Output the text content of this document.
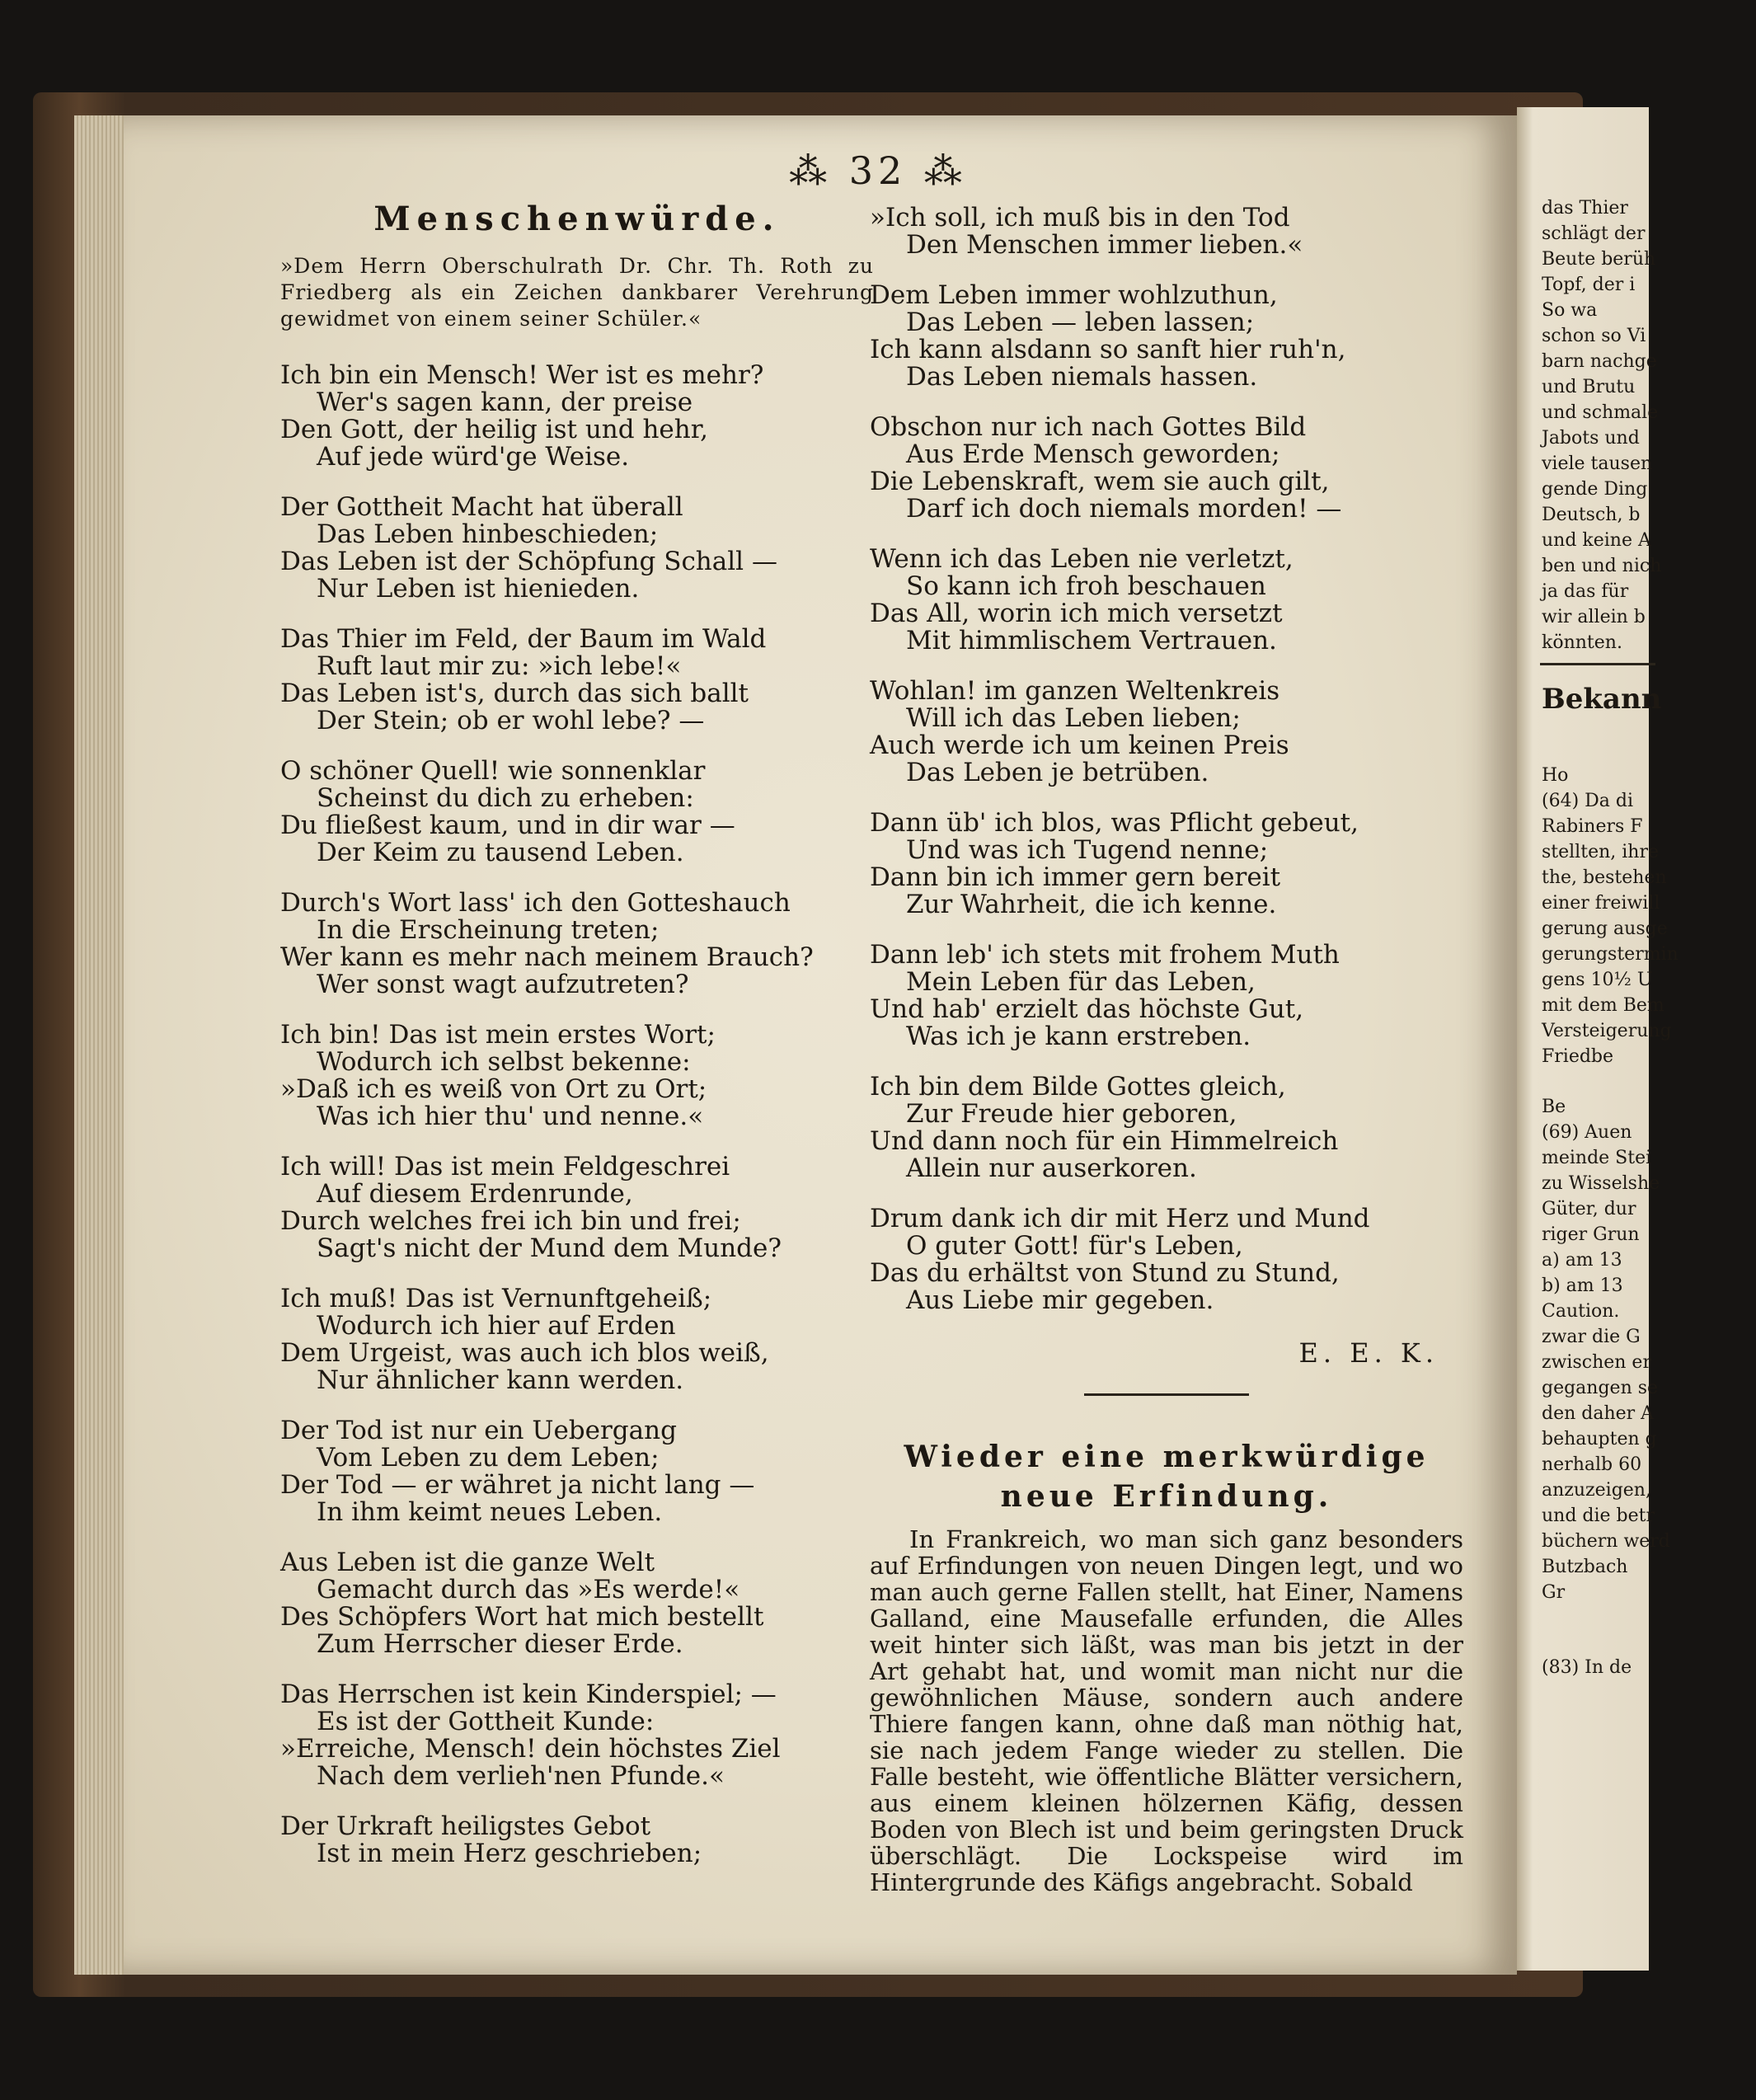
⁂ 32 ⁂
Menschenwürde.
»Dem Herrn Oberschulrath Dr. Chr. Th. Roth zu Friedberg als ein Zeichen dankbarer Verehrung gewidmet von einem seiner Schüler.«
Ich bin ein Mensch! Wer ist es mehr?
Wer's sagen kann, der preise
Den Gott, der heilig ist und hehr,
Auf jede würd'ge Weise.
Der Gottheit Macht hat überall
Das Leben hinbeschieden;
Das Leben ist der Schöpfung Schall —
Nur Leben ist hienieden.
Das Thier im Feld, der Baum im Wald
Ruft laut mir zu: »ich lebe!«
Das Leben ist's, durch das sich ballt
Der Stein; ob er wohl lebe? —
O schöner Quell! wie sonnenklar
Scheinst du dich zu erheben:
Du fließest kaum, und in dir war —
Der Keim zu tausend Leben.
Durch's Wort lass' ich den Gotteshauch
In die Erscheinung treten;
Wer kann es mehr nach meinem Brauch?
Wer sonst wagt aufzutreten?
Ich bin! Das ist mein erstes Wort;
Wodurch ich selbst bekenne:
»Daß ich es weiß von Ort zu Ort;
Was ich hier thu' und nenne.«
Ich will! Das ist mein Feldgeschrei
Auf diesem Erdenrunde,
Durch welches frei ich bin und frei;
Sagt's nicht der Mund dem Munde?
Ich muß! Das ist Vernunftgeheiß;
Wodurch ich hier auf Erden
Dem Urgeist, was auch ich blos weiß,
Nur ähnlicher kann werden.
Der Tod ist nur ein Uebergang
Vom Leben zu dem Leben;
Der Tod — er währet ja nicht lang —
In ihm keimt neues Leben.
Aus Leben ist die ganze Welt
Gemacht durch das »Es werde!«
Des Schöpfers Wort hat mich bestellt
Zum Herrscher dieser Erde.
Das Herrschen ist kein Kinderspiel; —
Es ist der Gottheit Kunde:
»Erreiche, Mensch! dein höchstes Ziel
Nach dem verlieh'nen Pfunde.«
Der Urkraft heiligstes Gebot
Ist in mein Herz geschrieben;
»Ich soll, ich muß bis in den Tod
Den Menschen immer lieben.«
Dem Leben immer wohlzuthun,
Das Leben — leben lassen;
Ich kann alsdann so sanft hier ruh'n,
Das Leben niemals hassen.
Obschon nur ich nach Gottes Bild
Aus Erde Mensch geworden;
Die Lebenskraft, wem sie auch gilt,
Darf ich doch niemals morden! —
Wenn ich das Leben nie verletzt,
So kann ich froh beschauen
Das All, worin ich mich versetzt
Mit himmlischem Vertrauen.
Wohlan! im ganzen Weltenkreis
Will ich das Leben lieben;
Auch werde ich um keinen Preis
Das Leben je betrüben.
Dann üb' ich blos, was Pflicht gebeut,
Und was ich Tugend nenne;
Dann bin ich immer gern bereit
Zur Wahrheit, die ich kenne.
Dann leb' ich stets mit frohem Muth
Mein Leben für das Leben,
Und hab' erzielt das höchste Gut,
Was ich je kann erstreben.
Ich bin dem Bilde Gottes gleich,
Zur Freude hier geboren,
Und dann noch für ein Himmelreich
Allein nur auserkoren.
Drum dank ich dir mit Herz und Mund
O guter Gott! für's Leben,
Das du erhältst von Stund zu Stund,
Aus Liebe mir gegeben.
E. E. K.
Wieder eine merkwürdige neue Erfindung.

In Frankreich, wo man sich ganz besonders auf Erfindungen von neuen Dingen legt, und wo man auch gerne Fallen stellt, hat Einer, Namens Galland, eine Mausefalle erfunden, die Alles weit hinter sich läßt, was man bis jetzt in der Art gehabt hat, und womit man nicht nur die gewöhnlichen Mäuse, sondern auch andere Thiere fangen kann, ohne daß man nöthig hat, sie nach jedem Fange wieder zu stellen. Die Falle besteht, wie öffentliche Blätter versichern, aus einem kleinen hölzernen Käfig, dessen Boden von Blech ist und beim geringsten Druck überschlägt. Die Lockspeise wird im Hintergrunde des Käfigs angebracht. Sobald

das Thier
schlägt der
Beute berüh
Topf, der i
So wa
schon so Vi
barn nachge
und Brutu
und schmale
Jabots und
viele tausen
gende Ding
Deutsch, b
und keine A
ben und nich
ja das für
wir allein b
könnten.
Bekann
Ho
(64) Da di
Rabiners F
stellten, ihre
the, bestehen
einer freiwill
gerung ausge
gerungstermin
gens 10½ U
mit dem Bem
Versteigerung
Friedbe
Be
(69) Auen
meinde Stei
zu Wisselshe
Güter, dur
riger Grun
a) am 13
b) am 13
Caution.
zwar die G
zwischen er
gegangen se
den daher A
behaupten g
nerhalb 60
anzuzeigen,
und die betr
büchern werd
Butzbach
Gr
(83) In de
